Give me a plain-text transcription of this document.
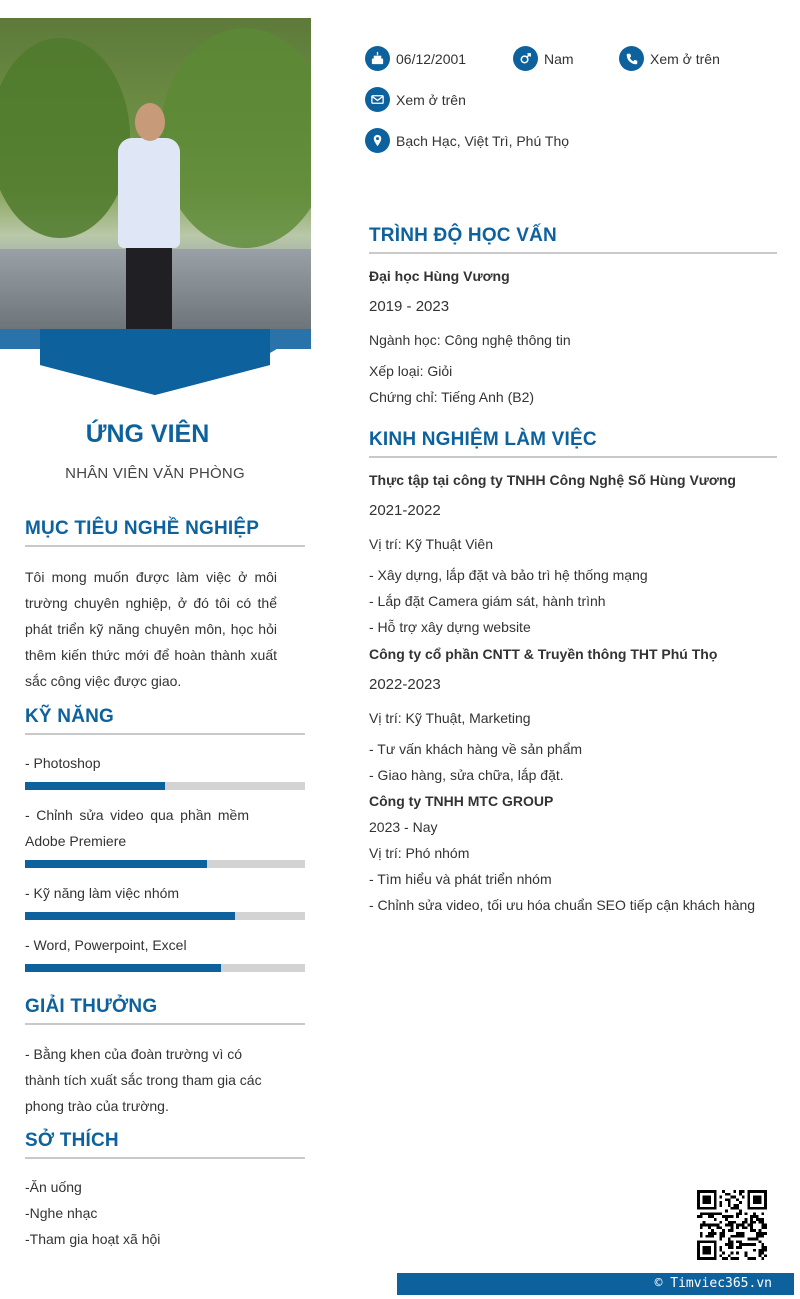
ỨNG VIÊN
NHÂN VIÊN VĂN PHÒNG
MỤC TIÊU NGHỀ NGHIỆP
Tôi mong muốn được làm việc ở môi trường chuyên nghiệp, ở đó tôi có thể phát triển kỹ năng chuyên môn, học hỏi thêm kiến thức mới để hoàn thành xuất sắc công việc được giao.
KỸ NĂNG
- Photoshop
- Chỉnh sửa video qua phần mềm Adobe Premiere
- Kỹ năng làm việc nhóm
- Word, Powerpoint, Excel
GIẢI THƯỞNG
- Bằng khen của đoàn trường vì có thành tích xuất sắc trong tham gia các phong trào của trường.
SỞ THÍCH
-Ăn uống
-Nghe nhạc
-Tham gia hoạt xã hội
06/12/2001	Nam	Xem ở trên
Xem ở trên
Bạch Hạc, Việt Trì, Phú Thọ
TRÌNH ĐỘ HỌC VẤN
Đại học Hùng Vương
2019 - 2023
Ngành học: Công nghệ thông tin
Xếp loại: Giỏi
Chứng chỉ: Tiếng Anh (B2)
KINH NGHIỆM LÀM VIỆC
Thực tập tại công ty TNHH Công Nghệ Số Hùng Vương
2021-2022
Vị trí: Kỹ Thuật Viên
- Xây dựng, lắp đặt và bảo trì hệ thống mạng
- Lắp đặt Camera giám sát, hành trình
- Hỗ trợ xây dựng website
Công ty cổ phần CNTT & Truyền thông THT Phú Thọ
2022-2023
Vị trí: Kỹ Thuật, Marketing
- Tư vấn khách hàng về sản phẩm
- Giao hàng, sửa chữa, lắp đặt.
Công ty TNHH MTC GROUP
2023 - Nay
Vị trí: Phó nhóm
- Tìm hiểu và phát triển nhóm
- Chỉnh sửa video, tối ưu hóa chuẩn SEO tiếp cận khách hàng
© Timviec365.vn
